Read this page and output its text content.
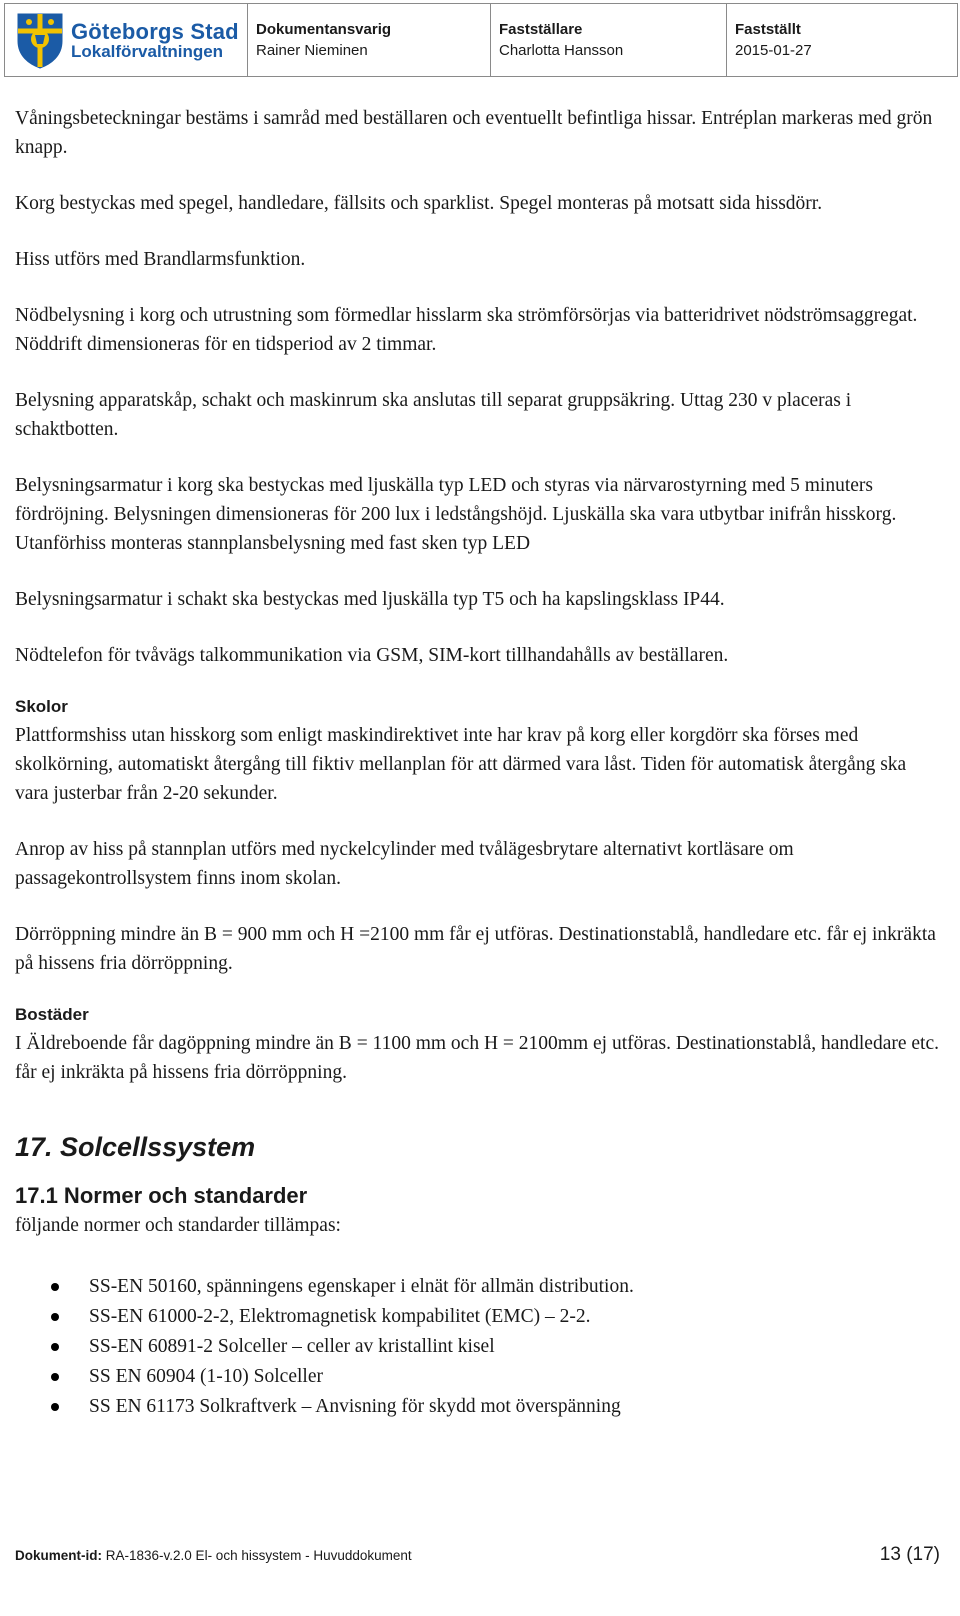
Göteborgs Stad
Lokalförvaltningen
Dokumentansvarig
Rainer Nieminen
Fastställare
Charlotta Hansson
Fastställt
2015-01-27

Våningsbeteckningar bestäms i samråd med beställaren och eventuellt befintliga hissar. Entréplan markeras med grön knapp.

Korg bestyckas med spegel, handledare, fällsits och sparklist. Spegel monteras på motsatt sida hissdörr.

Hiss utförs med Brandlarmsfunktion.

Nödbelysning i korg och utrustning som förmedlar hisslarm ska strömförsörjas via batteridrivet nödströmsaggregat. Nöddrift dimensioneras för en tidsperiod av 2 timmar.

Belysning apparatskåp, schakt och maskinrum ska anslutas till separat gruppsäkring. Uttag 230 v placeras i schaktbotten.

Belysningsarmatur i korg ska bestyckas med ljuskälla typ LED och styras via närvarostyrning med 5 minuters fördröjning. Belysningen dimensioneras för 200 lux i ledstångshöjd. Ljuskälla ska vara utbytbar inifrån hisskorg.

Utanförhiss monteras stannplansbelysning med fast sken typ LED

Belysningsarmatur i schakt ska bestyckas med ljuskälla typ T5 och ha kapslingsklass IP44.

Nödtelefon för tvåvägs talkommunikation via GSM, SIM-kort tillhandahålls av beställaren.

Skolor

Plattformshiss utan hisskorg som enligt maskindirektivet inte har krav på korg eller korgdörr ska förses med skolkörning, automatiskt återgång till fiktiv mellanplan för att därmed vara låst. Tiden för automatisk återgång ska vara justerbar från 2-20 sekunder.

Anrop av hiss på stannplan utförs med nyckelcylinder med tvålägesbrytare alternativt kortläsare om passagekontrollsystem finns inom skolan.

Dörröppning mindre än B = 900 mm och H =2100 mm får ej utföras. Destinationstablå, handledare etc. får ej inkräkta på hissens fria dörröppning.

Bostäder

I Äldreboende får dagöppning mindre än B = 1100 mm och H = 2100mm ej utföras. Destinationstablå, handledare etc. får ej inkräkta på hissens fria dörröppning.

17. Solcellssystem
17.1 Normer och standarder

följande normer och standarder tillämpas:

SS-EN 50160, spänningens egenskaper i elnät för allmän distribution.
SS-EN 61000-2-2, Elektromagnetisk kompabilitet (EMC) – 2-2.
SS-EN 60891-2 Solceller – celler av kristallint kisel
SS EN 60904 (1-10) Solceller
SS EN 61173 Solkraftverk – Anvisning för skydd mot överspänning
Dokument-id: RA-1836-v.2.0 El- och hissystem - Huvuddokument	13 (17)
